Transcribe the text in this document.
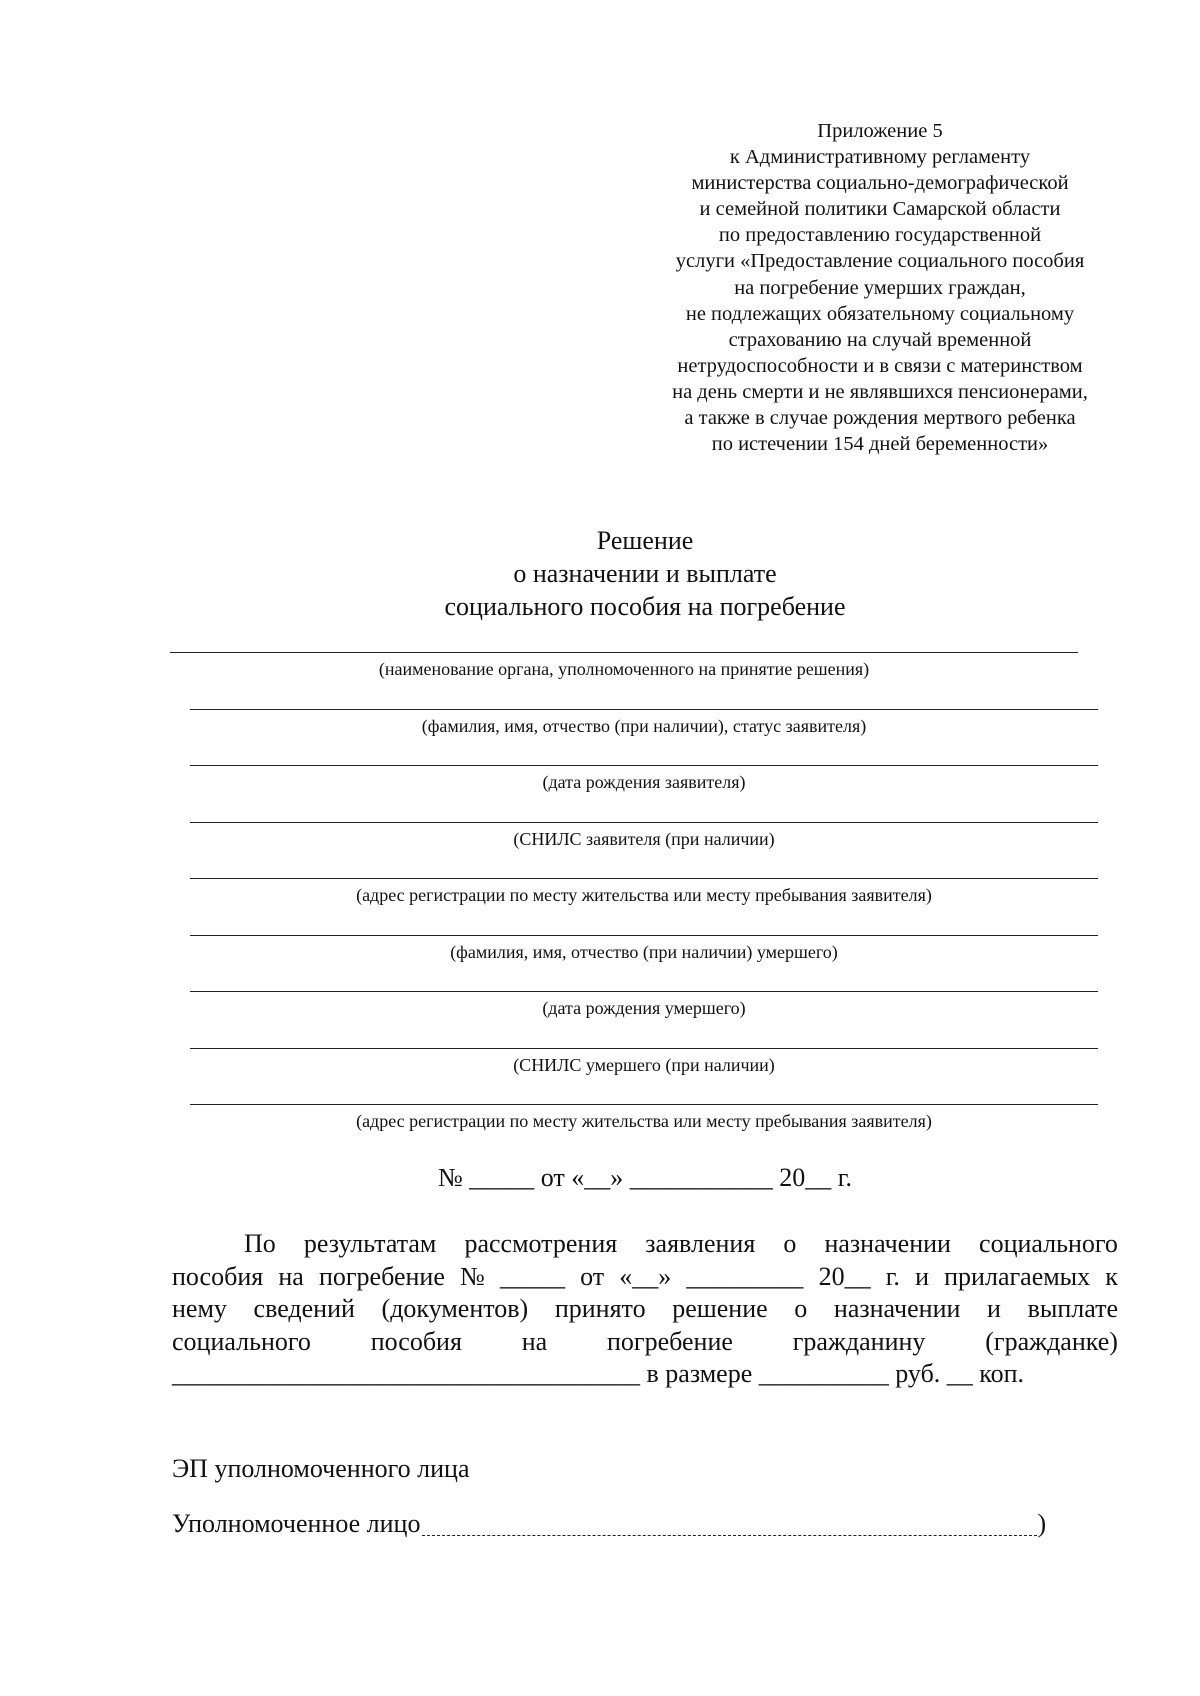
Приложение 5
к Административному регламенту
министерства социально-демографической
и семейной политики Самарской области
по предоставлению государственной
услуги «Предоставление социального пособия
на погребение умерших граждан,
не подлежащих обязательному социальному
страхованию на случай временной
нетрудоспособности и в связи с материнством
на день смерти и не являвшихся пенсионерами,
а также в случае рождения мертвого ребенка
по истечении 154 дней беременности»
Решение
о назначении и выплате
социального пособия на погребение
(наименование органа, уполномоченного на принятие решения)
(фамилия, имя, отчество (при наличии), статус заявителя)
(дата рождения заявителя)
(СНИЛС заявителя (при наличии)
(адрес регистрации по месту жительства или месту пребывания заявителя)
(фамилия, имя, отчество (при наличии) умершего)
(дата рождения умершего)
(СНИЛС умершего (при наличии)
(адрес регистрации по месту жительства или месту пребывания заявителя)
№ _____ от «__» ___________ 20__ г.
По результатам рассмотрения заявления о назначении социального
пособия на погребение № _____ от «__» _________ 20__ г. и прилагаемых к
нему сведений (документов) принято решение о назначении и выплате
социального пособия на погребение гражданину (гражданке)
____________________________________ в размере __________ руб. __ коп.
ЭП уполномоченного лица
Уполномоченное лицо	)
